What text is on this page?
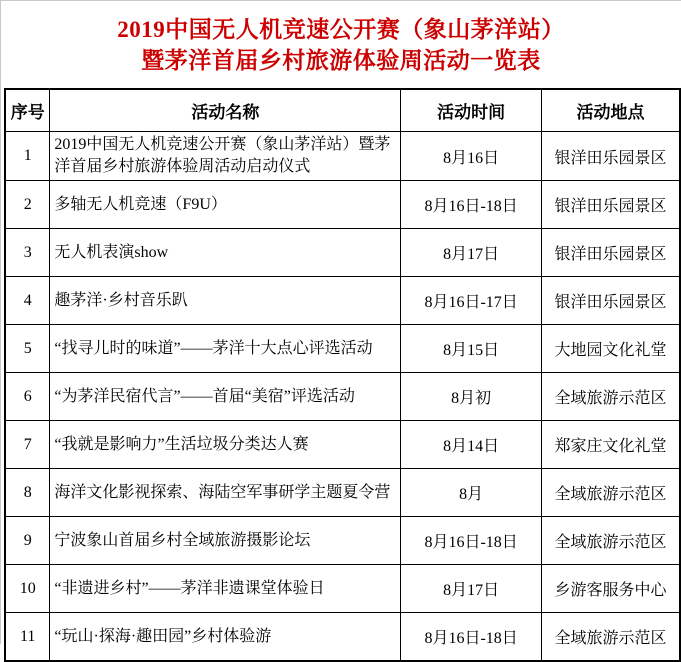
2019中国无人机竞速公开赛（象山茅洋站）
暨茅洋首届乡村旅游体验周活动一览表
序号	活动名称	活动时间	活动地点
1	2019中国无人机竞速公开赛（象山茅洋站）暨茅洋首届乡村旅游体验周活动启动仪式	8月16日	银洋田乐园景区
2	多轴无人机竞速（F9U）	8月16日-18日	银洋田乐园景区
3	无人机表演show	8月17日	银洋田乐园景区
4	趣茅洋·乡村音乐趴	8月16日-17日	银洋田乐园景区
5	“找寻儿时的味道”——茅洋十大点心评选活动	8月15日	大地园文化礼堂
6	“为茅洋民宿代言”——首届“美宿”评选活动	8月初	全域旅游示范区
7	“我就是影响力”生活垃圾分类达人赛	8月14日	郑家庄文化礼堂
8	海洋文化影视探索、海陆空军事研学主题夏令营	8月	全域旅游示范区
9	宁波象山首届乡村全域旅游摄影论坛	8月16日-18日	全域旅游示范区
10	“非遗进乡村”——茅洋非遗课堂体验日	8月17日	乡游客服务中心
11	“玩山·探海·趣田园”乡村体验游	8月16日-18日	全域旅游示范区
